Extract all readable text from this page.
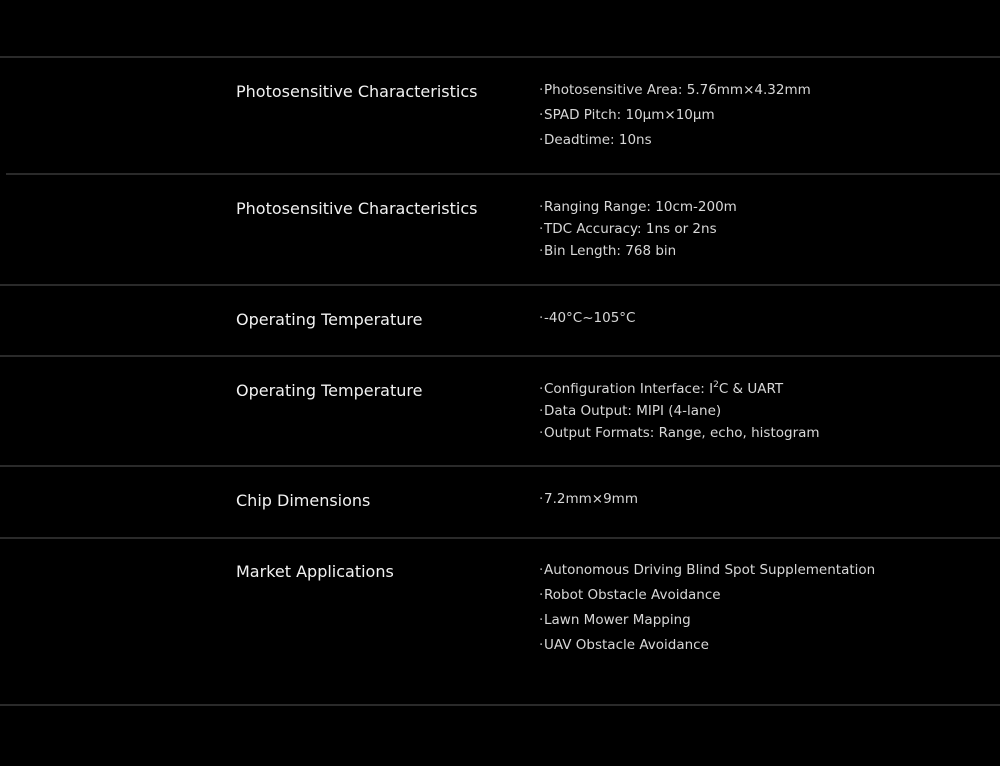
Photosensitive Characteristics	·Photosensitive Area: 5.76mm×4.32mm
·SPAD Pitch: 10μm×10μm
·Deadtime: 10ns
Photosensitive Characteristics	·Ranging Range: 10cm-200m
·TDC Accuracy: 1ns or 2ns
·Bin Length: 768 bin
Operating Temperature	·-40°C~105°C
Operating Temperature	·Configuration Interface: $I^2C$ & UART
·Data Output: MIPI (4-lane)
·Output Formats: Range, echo, histogram
Chip Dimensions	·7.2mm×9mm
Market Applications	·Autonomous Driving Blind Spot Supplementation
·Robot Obstacle Avoidance
·Lawn Mower Mapping
·UAV Obstacle Avoidance
